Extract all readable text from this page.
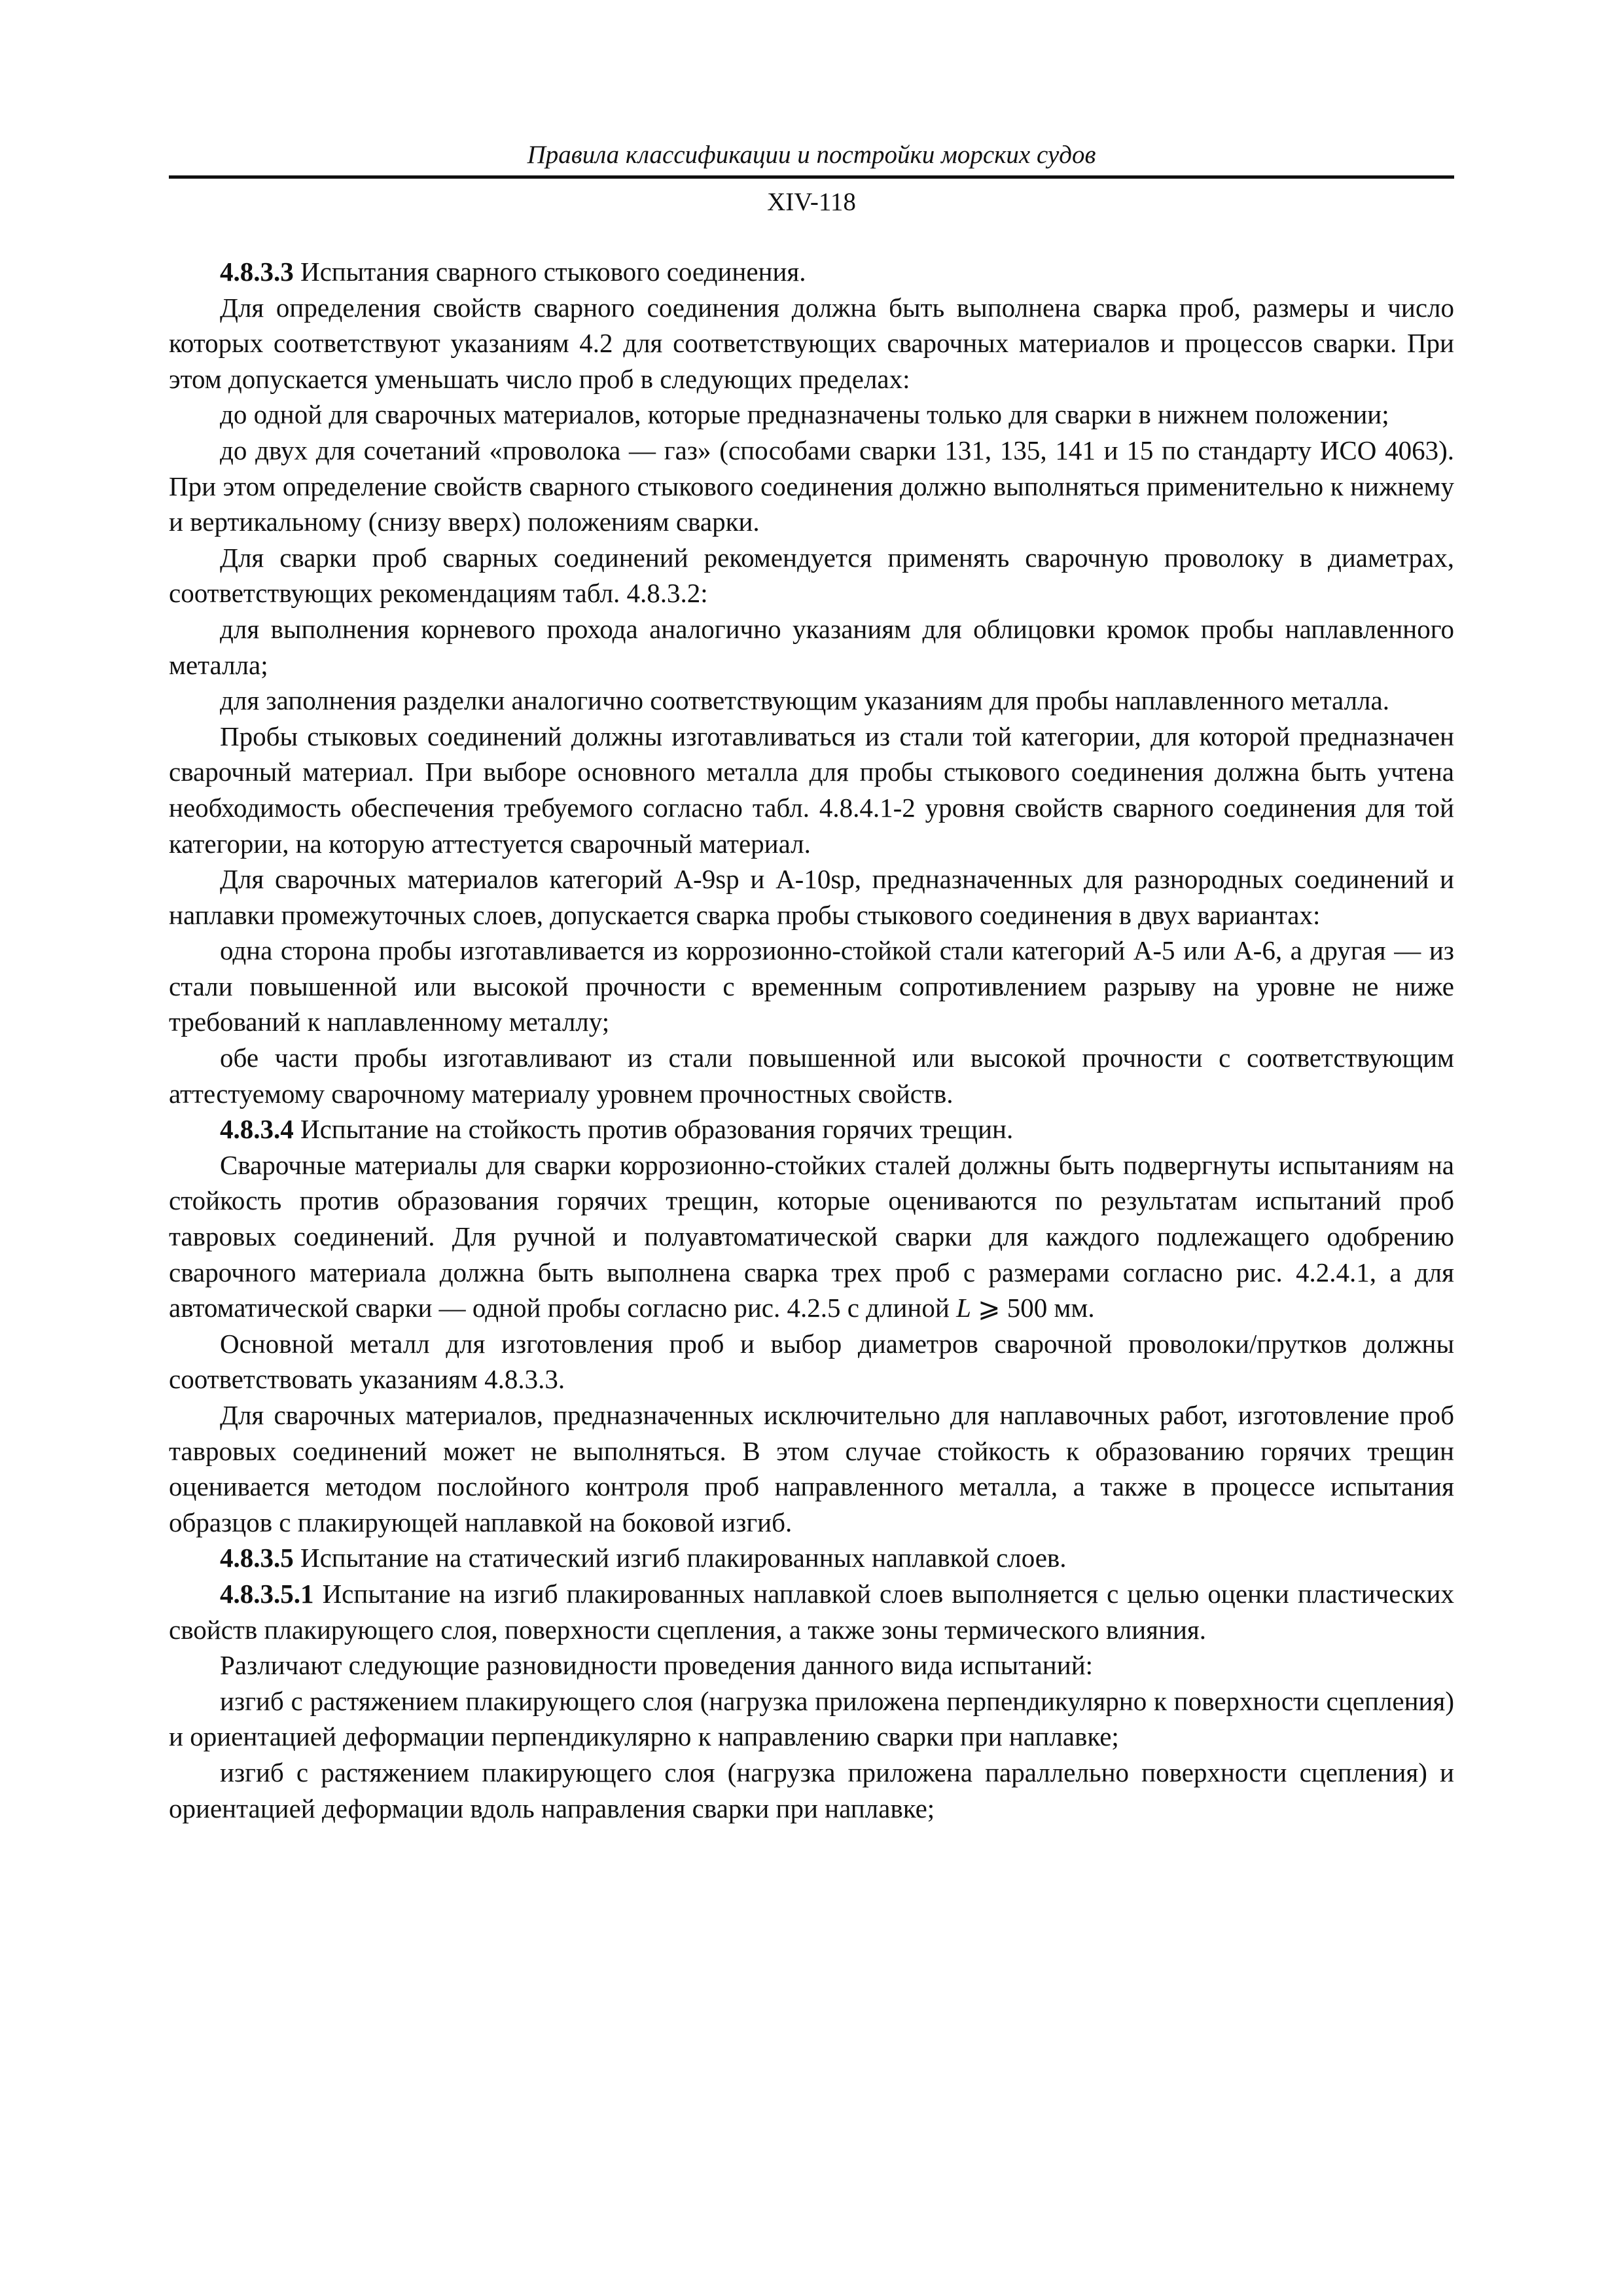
Правила классификации и постройки морских судов
XIV-118

4.8.3.3 Испытания сварного стыкового соединения.

Для определения свойств сварного соединения должна быть выполнена сварка проб, размеры и число которых соответствуют указаниям 4.2 для соответствующих сварочных материалов и процессов сварки. При этом допускается уменьшать число проб в следующих пределах:

до одной для сварочных материалов, которые предназначены только для сварки в нижнем положении;

до двух для сочетаний «проволока — газ» (способами сварки 131, 135, 141 и 15 по стандарту ИСО 4063). При этом определение свойств сварного стыкового соединения должно выполняться применительно к нижнему и вертикальному (снизу вверх) положениям сварки.

Для сварки проб сварных соединений рекомендуется применять сварочную проволоку в диаметрах, соответствующих рекомендациям табл. 4.8.3.2:

для выполнения корневого прохода аналогично указаниям для облицовки кромок пробы наплавленного металла;

для заполнения разделки аналогично соответствующим указаниям для пробы наплавленного металла.

Пробы стыковых соединений должны изготавливаться из стали той категории, для которой предназначен сварочный материал. При выборе основного металла для пробы стыкового соединения должна быть учтена необходимость обеспечения требуемого согласно табл. 4.8.4.1-2 уровня свойств сварного соединения для той категории, на которую аттестуется сварочный материал.

Для сварочных материалов категорий А-9sp и А-10sp, предназначенных для разнородных соединений и наплавки промежуточных слоев, допускается сварка пробы стыкового соединения в двух вариантах:

одна сторона пробы изготавливается из коррозионно-стойкой стали категорий А-5 или А-6, а другая — из стали повышенной или высокой прочности с временным сопротивлением разрыву на уровне не ниже требований к наплавленному металлу;

обе части пробы изготавливают из стали повышенной или высокой прочности с соответствующим аттестуемому сварочному материалу уровнем прочностных свойств.

4.8.3.4 Испытание на стойкость против образования горячих трещин.

Сварочные материалы для сварки коррозионно-стойких сталей должны быть подвергнуты испытаниям на стойкость против образования горячих трещин, которые оцениваются по результатам испытаний проб тавровых соединений. Для ручной и полуавтоматической сварки для каждого подлежащего одобрению сварочного материала должна быть выполнена сварка трех проб с размерами согласно рис. 4.2.4.1, а для автоматической сварки — одной пробы согласно рис. 4.2.5 с длиной L ⩾ 500 мм.

Основной металл для изготовления проб и выбор диаметров сварочной проволоки/прутков должны соответствовать указаниям 4.8.3.3.

Для сварочных материалов, предназначенных исключительно для наплавочных работ, изготовление проб тавровых соединений может не выполняться. В этом случае стойкость к образованию горячих трещин оценивается методом послойного контроля проб направленного металла, а также в процессе испытания образцов с плакирующей наплавкой на боковой изгиб.

4.8.3.5 Испытание на статический изгиб плакированных наплавкой слоев.

4.8.3.5.1 Испытание на изгиб плакированных наплавкой слоев выполняется с целью оценки пластических свойств плакирующего слоя, поверхности сцепления, а также зоны термического влияния.

Различают следующие разновидности проведения данного вида испытаний:

изгиб с растяжением плакирующего слоя (нагрузка приложена перпендикулярно к поверхности сцепления) и ориентацией деформации перпендикулярно к направлению сварки при наплавке;

изгиб с растяжением плакирующего слоя (нагрузка приложена параллельно поверхности сцепления) и ориентацией деформации вдоль направления сварки при наплавке;
